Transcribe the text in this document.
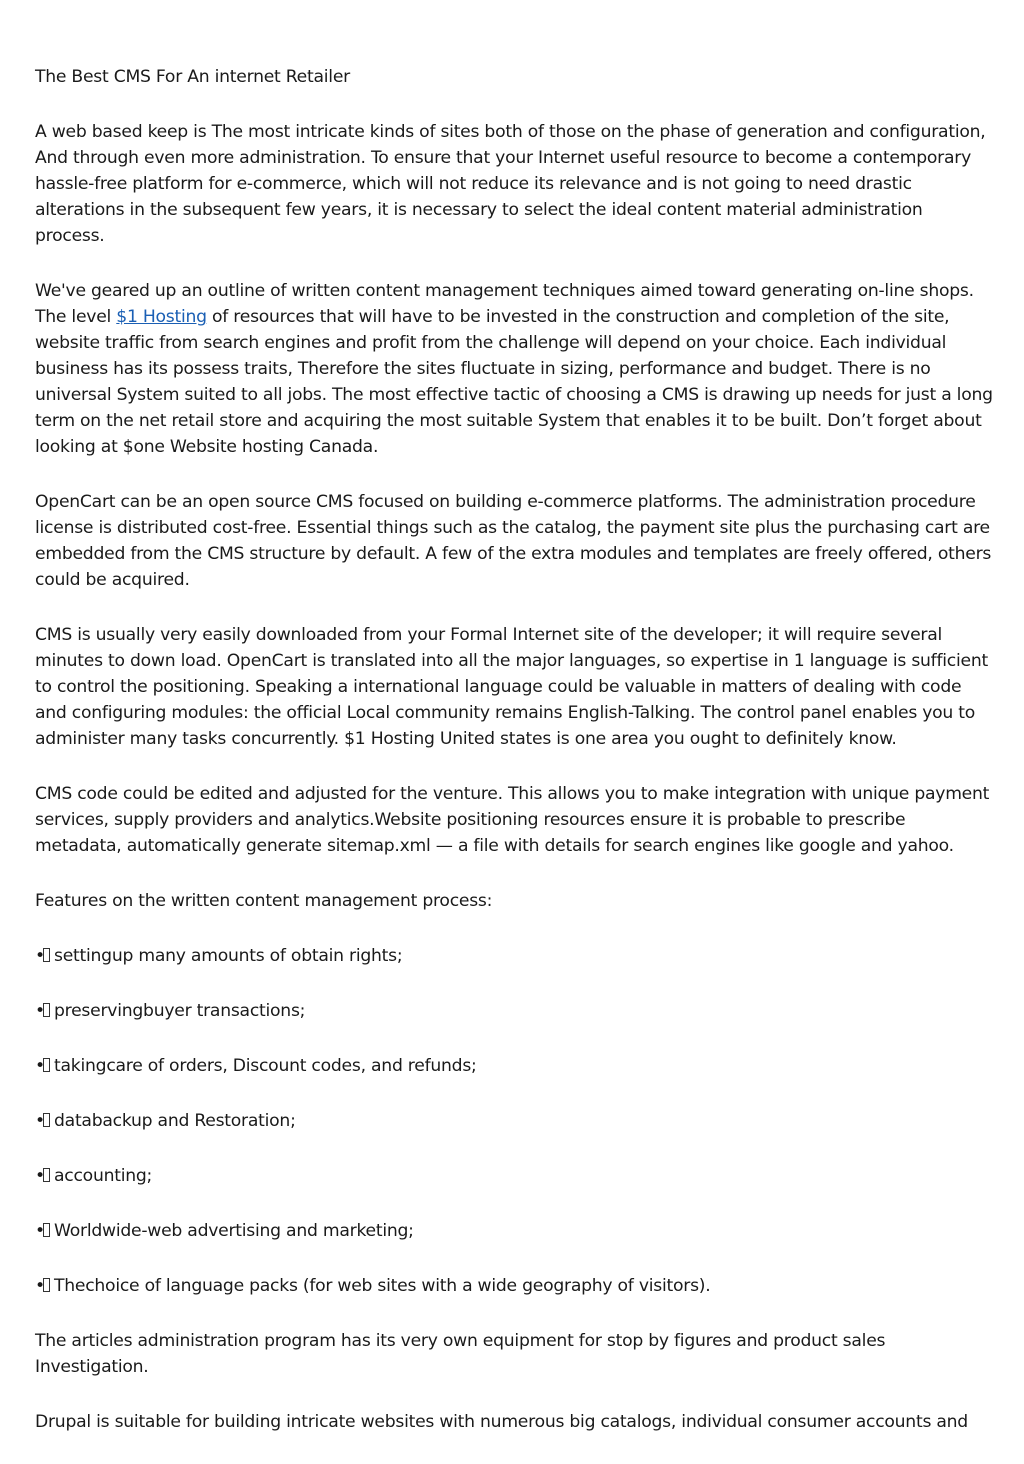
The Best CMS For An internet Retailer

A web based keep is The most intricate kinds of sites both of those on the phase of generation and configuration, And through even more administration. To ensure that your Internet useful resource to become a contemporary hassle-free platform for e-commerce, which will not reduce its relevance and is not going to need drastic alterations in the subsequent few years, it is necessary to select the ideal content material administration process.

We've geared up an outline of written content management techniques aimed toward generating on-line shops. The level $1 Hosting of resources that will have to be invested in the construction and completion of the site, website traffic from search engines and profit from the challenge will depend on your choice. Each individual business has its possess traits, Therefore the sites fluctuate in sizing, performance and budget. There is no universal System suited to all jobs. The most effective tactic of choosing a CMS is drawing up needs for just a long term on the net retail store and acquiring the most suitable System that enables it to be built. Don’t forget about looking at $one Website hosting Canada.

OpenCart can be an open source CMS focused on building e-commerce platforms. The administration procedure license is distributed cost-free. Essential things such as the catalog, the payment site plus the purchasing cart are embedded from the CMS structure by default. A few of the extra modules and templates are freely offered, others could be acquired.

CMS is usually very easily downloaded from your Formal Internet site of the developer; it will require several minutes to down load. OpenCart is translated into all the major languages, so expertise in 1 language is sufficient to control the positioning. Speaking a international language could be valuable in matters of dealing with code and configuring modules: the official Local community remains English-Talking. The control panel enables you to administer many tasks concurrently. $1 Hosting United states is one area you ought to definitely know.

CMS code could be edited and adjusted for the venture. This allows you to make integration with unique payment services, supply providers and analytics.Website positioning resources ensure it is probable to prescribe metadata, automatically generate sitemap.xml — a file with details for search engines like google and yahoo.

Features on the written content management process:

• settingup many amounts of obtain rights;
• preservingbuyer transactions;
• takingcare of orders, Discount codes, and refunds;
• databackup and Restoration;
• accounting;
• Worldwide-web advertising and marketing;
• Thechoice of language packs (for web sites with a wide geography of visitors).

The articles administration program has its very own equipment for stop by figures and product sales Investigation.

Drupal is suitable for building intricate websites with numerous big catalogs, individual consumer accounts and
